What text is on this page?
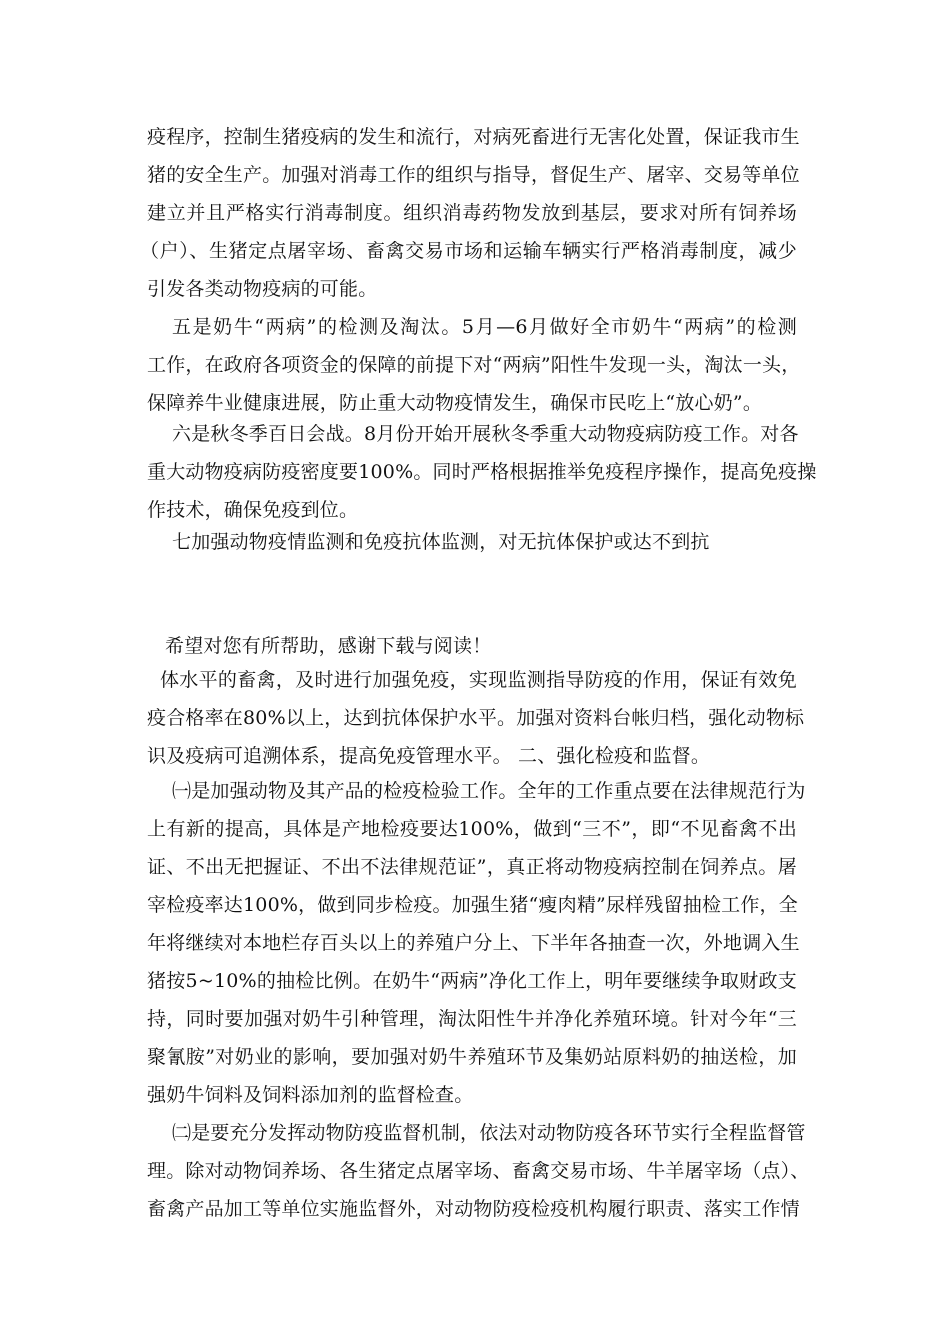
疫程序，控制生猪疫病的发生和流行，对病死畜进行无害化处置，保证我市生
猪的安全生产。加强对消毒工作的组织与指导，督促生产、屠宰、交易等单位
建立并且严格实行消毒制度。组织消毒药物发放到基层，要求对所有饲养场
（户）、生猪定点屠宰场、畜禽交易市场和运输车辆实行严格消毒制度，减少
引发各类动物疫病的可能。
五是奶牛“两病”的检测及淘汰。5月—6月做好全市奶牛“两病”的检测
工作，在政府各项资金的保障的前提下对“两病”阳性牛发现一头，淘汰一头，
保障养牛业健康进展，防止重大动物疫情发生，确保市民吃上“放心奶”。
六是秋冬季百日会战。8月份开始开展秋冬季重大动物疫病防疫工作。对各
重大动物疫病防疫密度要100%。同时严格根据推举免疫程序操作，提高免疫操
作技术，确保免疫到位。
七加强动物疫情监测和免疫抗体监测，对无抗体保护或达不到抗
希望对您有所帮助，感谢下载与阅读！
体水平的畜禽，及时进行加强免疫，实现监测指导防疫的作用，保证有效免
疫合格率在80%以上，达到抗体保护水平。加强对资料台帐归档，强化动物标
识及疫病可追溯体系，提高免疫管理水平。 二、强化检疫和监督。
㈠是加强动物及其产品的检疫检验工作。全年的工作重点要在法律规范行为
上有新的提高，具体是产地检疫要达100%，做到“三不”，即“不见畜禽不出
证、不出无把握证、不出不法律规范证”，真正将动物疫病控制在饲养点。屠
宰检疫率达100%，做到同步检疫。加强生猪“瘦肉精”尿样残留抽检工作，全
年将继续对本地栏存百头以上的养殖户分上、下半年各抽查一次，外地调入生
猪按5~10%的抽检比例。在奶牛“两病”净化工作上，明年要继续争取财政支
持，同时要加强对奶牛引种管理，淘汰阳性牛并净化养殖环境。针对今年“三
聚氰胺”对奶业的影响，要加强对奶牛养殖环节及集奶站原料奶的抽送检，加
强奶牛饲料及饲料添加剂的监督检查。
㈡是要充分发挥动物防疫监督机制，依法对动物防疫各环节实行全程监督管
理。除对动物饲养场、各生猪定点屠宰场、畜禽交易市场、牛羊屠宰场（点）、
畜禽产品加工等单位实施监督外，对动物防疫检疫机构履行职责、落实工作情
